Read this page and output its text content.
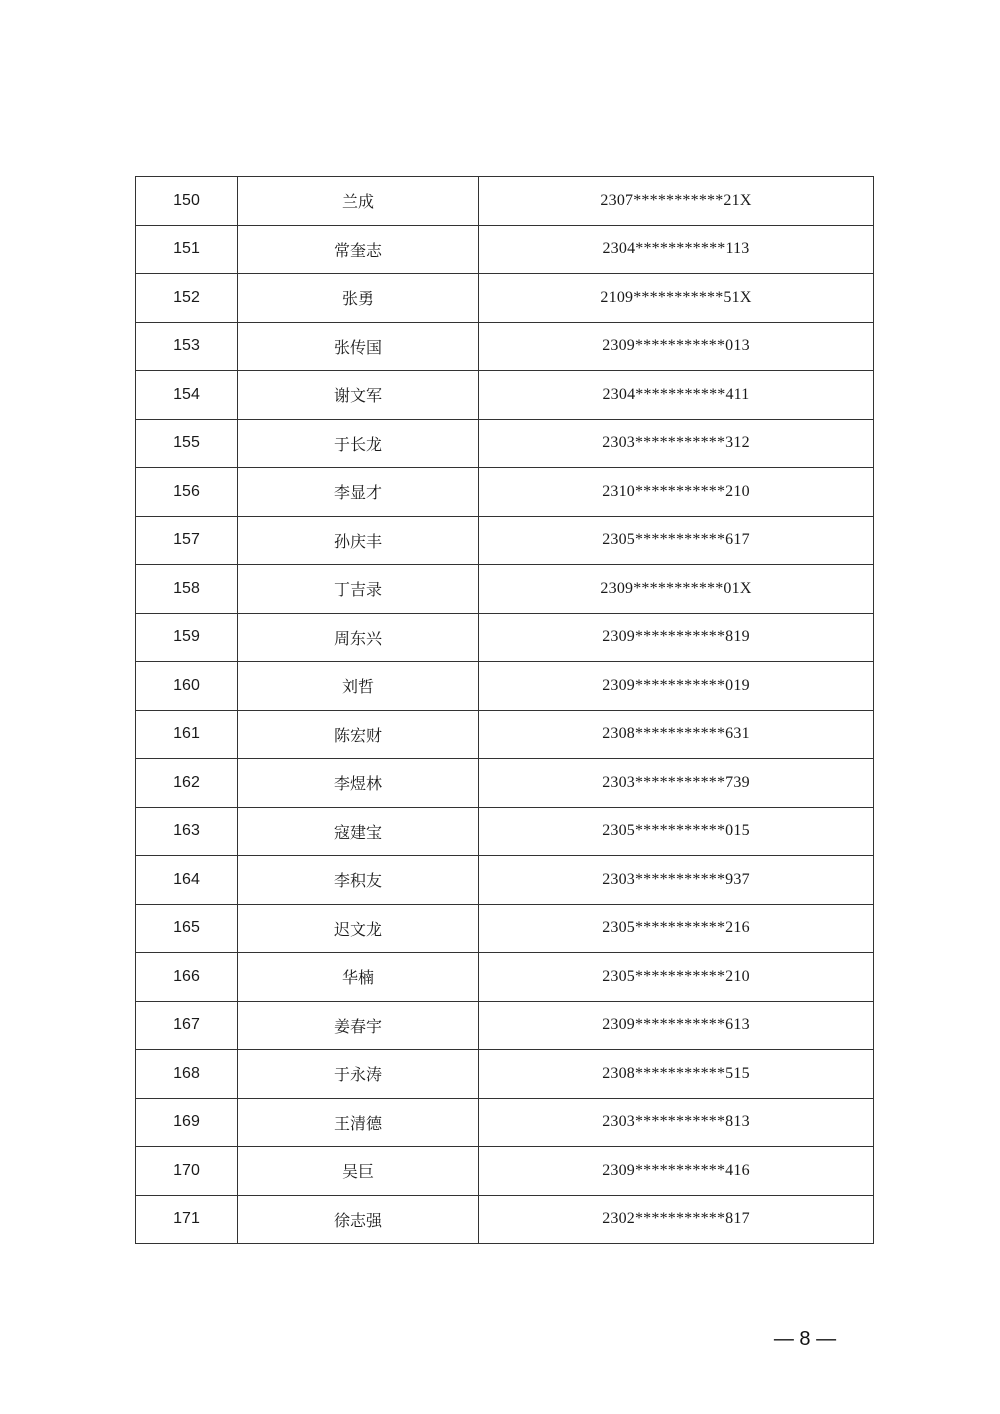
150	兰成	2307***********21X
151	常奎志	2304***********113
152	张勇	2109***********51X
153	张传国	2309***********013
154	谢文军	2304***********411
155	于长龙	2303***********312
156	李显才	2310***********210
157	孙庆丰	2305***********617
158	丁吉录	2309***********01X
159	周东兴	2309***********819
160	刘哲	2309***********019
161	陈宏财	2308***********631
162	李煜林	2303***********739
163	寇建宝	2305***********015
164	李积友	2303***********937
165	迟文龙	2305***********216
166	华楠	2305***********210
167	姜春宇	2309***********613
168	于永涛	2308***********515
169	王清德	2303***********813
170	吴巨	2309***********416
171	徐志强	2302***********817
— 8 —
